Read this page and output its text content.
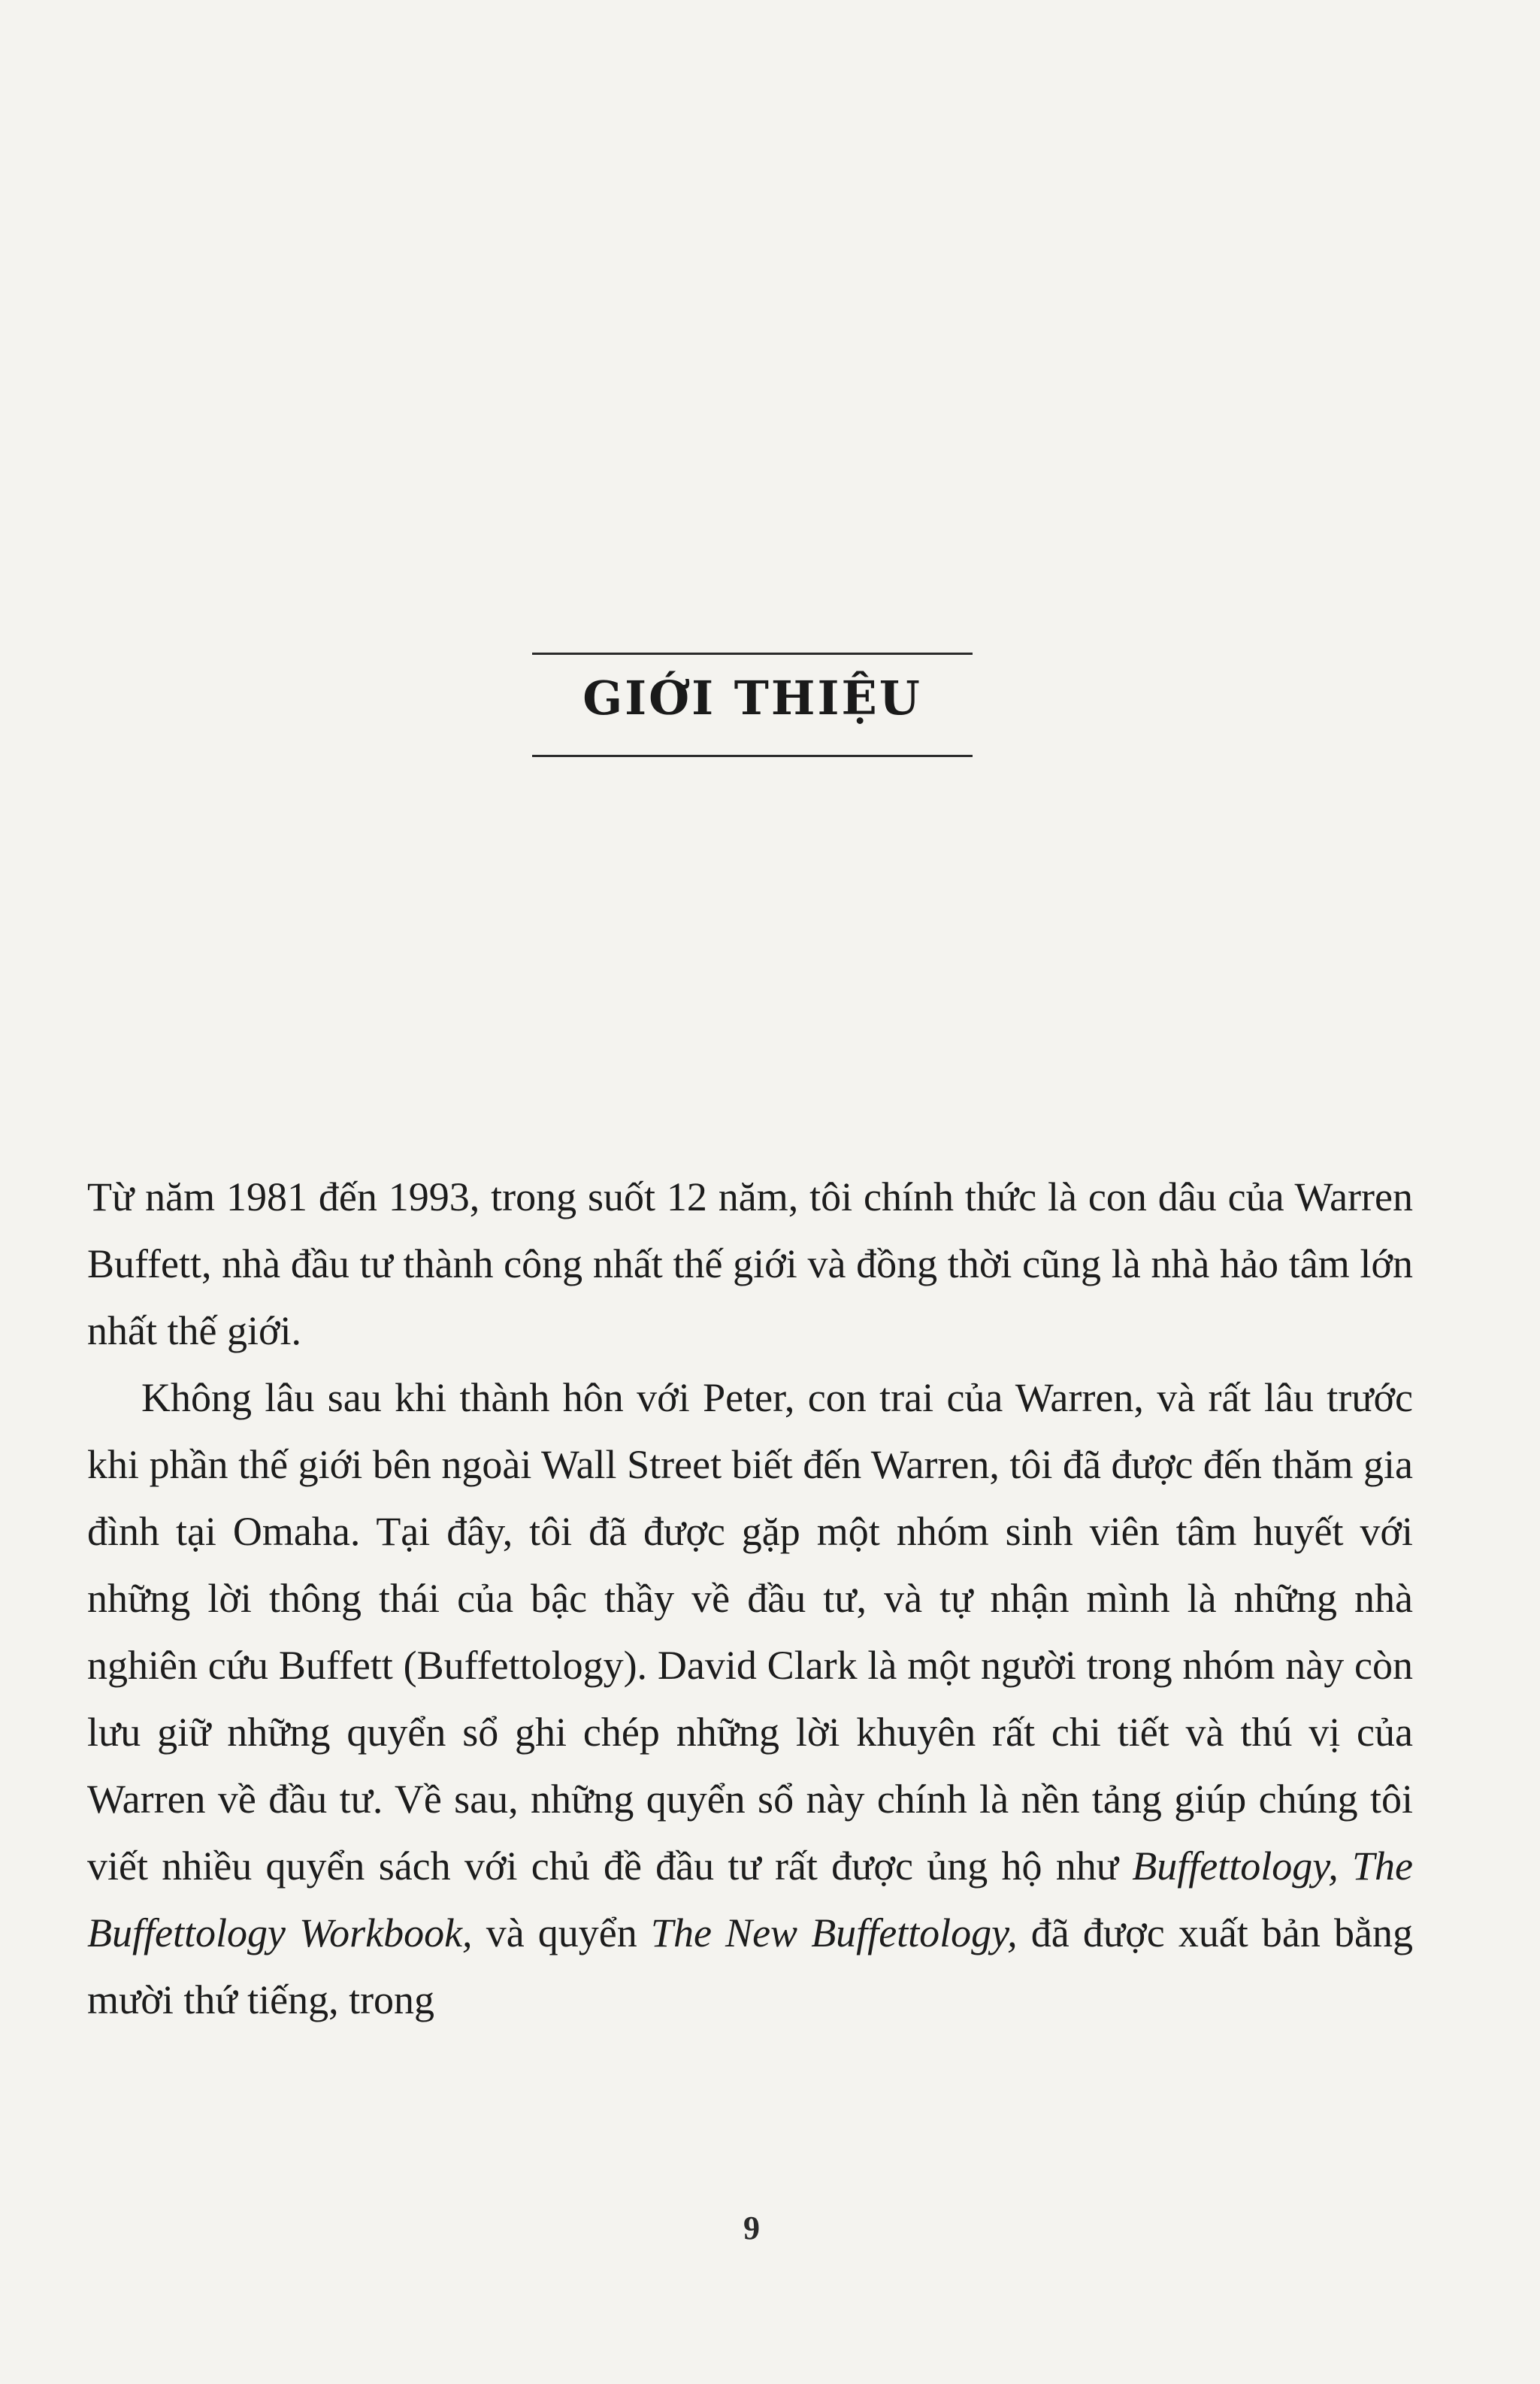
GIỚI THIỆU

Từ năm 1981 đến 1993, trong suốt 12 năm, tôi chính thức là con dâu của Warren Buffett, nhà đầu tư thành công nhất thế giới và đồng thời cũng là nhà hảo tâm lớn nhất thế giới.

Không lâu sau khi thành hôn với Peter, con trai của Warren, và rất lâu trước khi phần thế giới bên ngoài Wall Street biết đến Warren, tôi đã được đến thăm gia đình tại Omaha. Tại đây, tôi đã được gặp một nhóm sinh viên tâm huyết với những lời thông thái của bậc thầy về đầu tư, và tự nhận mình là những nhà nghiên cứu Buffett (Buffettology). David Clark là một người trong nhóm này còn lưu giữ những quyển sổ ghi chép những lời khuyên rất chi tiết và thú vị của Warren về đầu tư. Về sau, những quyển sổ này chính là nền tảng giúp chúng tôi viết nhiều quyển sách với chủ đề đầu tư rất được ủng hộ như Buffettology, The Buffettology Workbook, và quyển The New Buffettology, đã được xuất bản bằng mười thứ tiếng, trong

9
